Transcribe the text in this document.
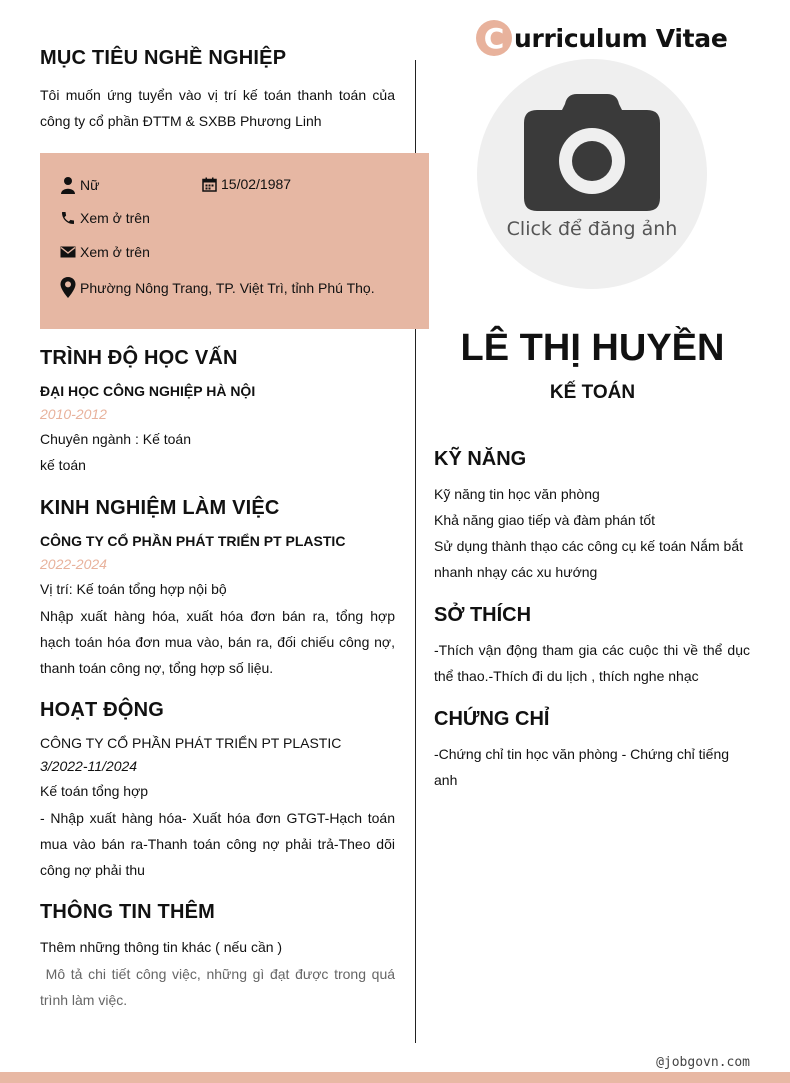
MỤC TIÊU NGHỀ NGHIỆP
Tôi muốn ứng tuyển vào vị trí kế toán thanh toán của công ty cổ phần ĐTTM & SXBB Phương Linh
Nữ	15/02/1987
Xem ở trên
Xem ở trên
Phường Nông Trang, TP. Việt Trì, tỉnh Phú Thọ.
TRÌNH ĐỘ HỌC VẤN
ĐẠI HỌC CÔNG NGHIỆP HÀ NỘI
2010-2012
Chuyên ngành : Kế toán
kế toán
KINH NGHIỆM LÀM VIỆC
CÔNG TY CỔ PHẦN PHÁT TRIỂN PT PLASTIC
2022-2024
Vị trí: Kế toán tổng hợp nội bộ
Nhập xuất hàng hóa, xuất hóa đơn bán ra, tổng hợp hạch toán hóa đơn mua vào, bán ra, đối chiếu công nợ, thanh toán công nợ, tổng hợp số liệu.
HOẠT ĐỘNG
CÔNG TY CỔ PHẦN PHÁT TRIỂN PT PLASTIC
3/2022-11/2024
Kế toán tổng hợp
- Nhập xuất hàng hóa- Xuất hóa đơn GTGT-Hạch toán mua vào bán ra-Thanh toán công nợ phải trả-Theo dõi công nợ phải thu
THÔNG TIN THÊM
Thêm những thông tin khác ( nếu cần )
Mô tả chi tiết công việc, những gì đạt được trong quá trình làm việc.
C urriculum Vitae
Click để đăng ảnh
LÊ THỊ HUYỀN
KẾ TOÁN
KỸ NĂNG
Kỹ năng tin học văn phòng
Khả năng giao tiếp và đàm phán tốt
Sử dụng thành thạo các công cụ kế toán Nắm bắt nhanh nhạy các xu hướng
SỞ THÍCH
-Thích vận động tham gia các cuộc thi về thể dục thể thao.-Thích đi du lịch , thích nghe nhạc
CHỨNG CHỈ
-Chứng chỉ tin học văn phòng - Chứng chỉ tiếng anh
@jobgovn.com
